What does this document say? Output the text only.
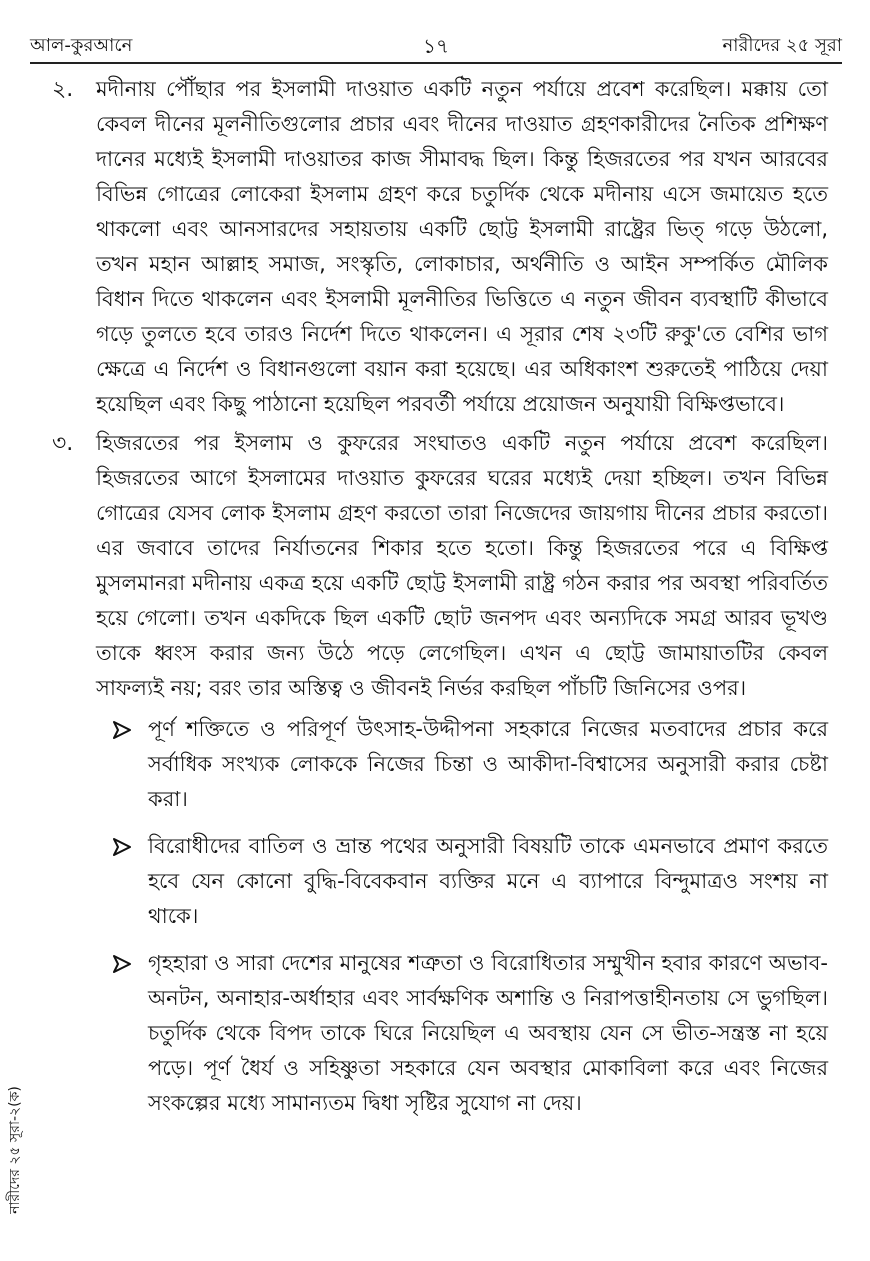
আল-কুরআনে	১৭	নারীদের ২৫ সূরা
২. মদীনায় পৌঁছার পর ইসলামী দাওয়াত একটি নতুন পর্যায়ে প্রবেশ করেছিল। মক্কায় তো কেবল দীনের মূলনীতিগুলোর প্রচার এবং দীনের দাওয়াত গ্রহণকারীদের নৈতিক প্রশিক্ষণ দানের মধ্যেই ইসলামী দাওয়াতর কাজ সীমাবদ্ধ ছিল। কিন্তু হিজরতের পর যখন আরবের বিভিন্ন গোত্রের লোকেরা ইসলাম গ্রহণ করে চতুর্দিক থেকে মদীনায় এসে জমায়েত হতে থাকলো এবং আনসারদের সহায়তায় একটি ছোট্ট ইসলামী রাষ্ট্রের ভিত্ গড়ে উঠলো, তখন মহান আল্লাহ সমাজ, সংস্কৃতি, লোকাচার, অর্থনীতি ও আইন সম্পর্কিত মৌলিক বিধান দিতে থাকলেন এবং ইসলামী মূলনীতির ভিত্তিতে এ নতুন জীবন ব্যবস্থাটি কীভাবে গড়ে তুলতে হবে তারও নির্দেশ দিতে থাকলেন। এ সূরার শেষ ২৩টি রুকু'তে বেশির ভাগ ক্ষেত্রে এ নির্দেশ ও বিধানগুলো বয়ান করা হয়েছে। এর অধিকাংশ শুরুতেই পাঠিয়ে দেয়া হয়েছিল এবং কিছু পাঠানো হয়েছিল পরবর্তী পর্যায়ে প্রয়োজন অনুযায়ী বিক্ষিপ্তভাবে।

৩. হিজরতের পর ইসলাম ও কুফরের সংঘাতও একটি নতুন পর্যায়ে প্রবেশ করেছিল। হিজরতের আগে ইসলামের দাওয়াত কুফরের ঘরের মধ্যেই দেয়া হচ্ছিল। তখন বিভিন্ন গোত্রের যেসব লোক ইসলাম গ্রহণ করতো তারা নিজেদের জায়গায় দীনের প্রচার করতো। এর জবাবে তাদের নির্যাতনের শিকার হতে হতো। কিন্তু হিজরতের পরে এ বিক্ষিপ্ত মুসলমানরা মদীনায় একত্র হয়ে একটি ছোট্ট ইসলামী রাষ্ট্র গঠন করার পর অবস্থা পরিবর্তিত হয়ে গেলো। তখন একদিকে ছিল একটি ছোট জনপদ এবং অন্যদিকে সমগ্র আরব ভূখণ্ড তাকে ধ্বংস করার জন্য উঠে পড়ে লেগেছিল। এখন এ ছোট্ট জামায়াতটির কেবল সাফল্যই নয়; বরং তার অস্তিত্ব ও জীবনই নির্ভর করছিল পাঁচটি জিনিসের ওপর।

পূর্ণ শক্তিতে ও পরিপূর্ণ উৎসাহ-উদ্দীপনা সহকারে নিজের মতবাদের প্রচার করে সর্বাধিক সংখ্যক লোককে নিজের চিন্তা ও আকীদা-বিশ্বাসের অনুসারী করার চেষ্টা করা।

বিরোধীদের বাতিল ও ভ্রান্ত পথের অনুসারী বিষয়টি তাকে এমনভাবে প্রমাণ করতে হবে যেন কোনো বুদ্ধি-বিবেকবান ব্যক্তির মনে এ ব্যাপারে বিন্দুমাত্রও সংশয় না থাকে।

গৃহহারা ও সারা দেশের মানুষের শত্রুতা ও বিরোধিতার সম্মুখীন হবার কারণে অভাব-অনটন, অনাহার-অর্ধাহার এবং সার্বক্ষণিক অশান্তি ও নিরাপত্তাহীনতায় সে ভুগছিল। চতুর্দিক থেকে বিপদ তাকে ঘিরে নিয়েছিল এ অবস্থায় যেন সে ভীত-সন্ত্রস্ত না হয়ে পড়ে। পূর্ণ ধৈর্য ও সহিষ্ণুতা সহকারে যেন অবস্থার মোকাবিলা করে এবং নিজের সংকল্পের মধ্যে সামান্যতম দ্বিধা সৃষ্টির সুযোগ না দেয়।

নারীদের ২৫ সূরা-২(ক)
